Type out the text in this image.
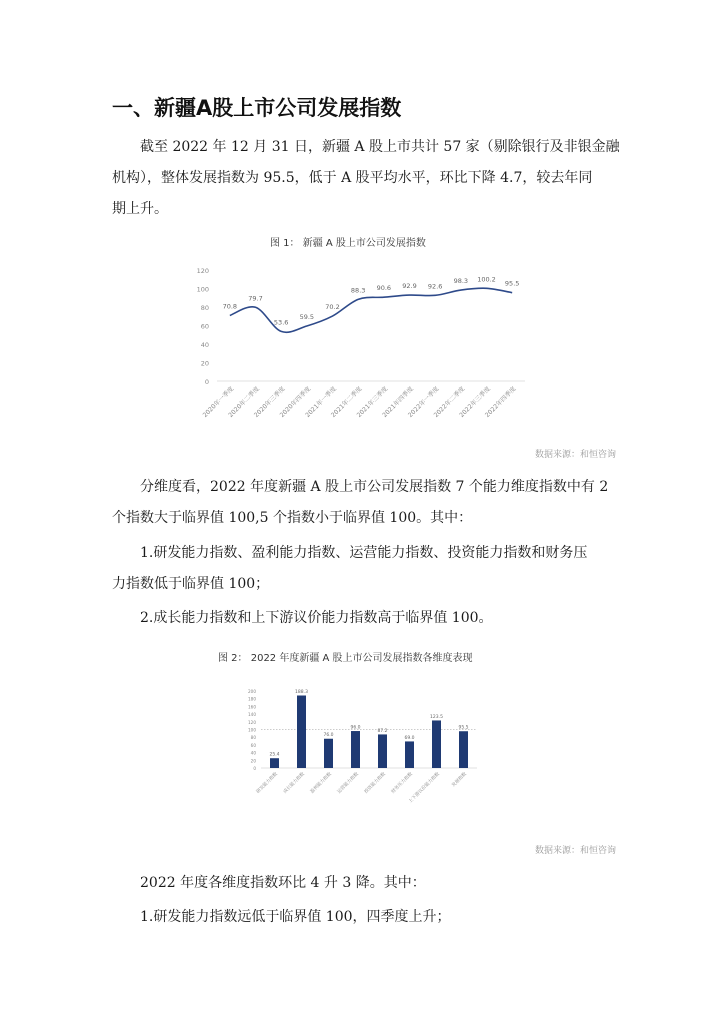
一、新疆A股上市公司发展指数
截至 2022 年 12 月 31 日，新疆 A 股上市共计 57 家（剔除银行及非银金融
机构），整体发展指数为 95.5，低于 A 股平均水平，环比下降 4.7，较去年同
期上升。
图 1： 新疆 A 股上市公司发展指数
0
20
40
60
80
100
120
70.8
79.7
53.6
59.5
70.2
88.3 90.6 92.9 92.6
98.3 100.2
95.5
2020年一季度
2020年二季度
2020年三季度
2020年四季度
2021年一季度
2021年二季度
2021年三季度
2021年四季度
2022年一季度
2022年二季度
2022年三季度
2022年四季度
数据来源：和恒咨询
分维度看，2022 年度新疆 A 股上市公司发展指数 7 个能力维度指数中有 2
个指数大于临界值 100,5 个指数小于临界值 100。其中：
1.研发能力指数、盈利能力指数、运营能力指数、投资能力指数和财务压
力指数低于临界值 100；
2.成长能力指数和上下游议价能力指数高于临界值 100。
图 2： 2022 年度新疆 A 股上市公司发展指数各维度表现
0
20
40
60
80
100
120
140
160
180
200
25.4
188.3
76.0
96.0
87.2
69.0
123.5
95.5
研发能力指数 成长能力指数 盈利能力指数 运营能力指数 投资能力指数 财务压力指数
上下游议价能力指数	发展指数
数据来源：和恒咨询
2022 年度各维度指数环比 4 升 3 降。其中：
1.研发能力指数远低于临界值 100，四季度上升；
